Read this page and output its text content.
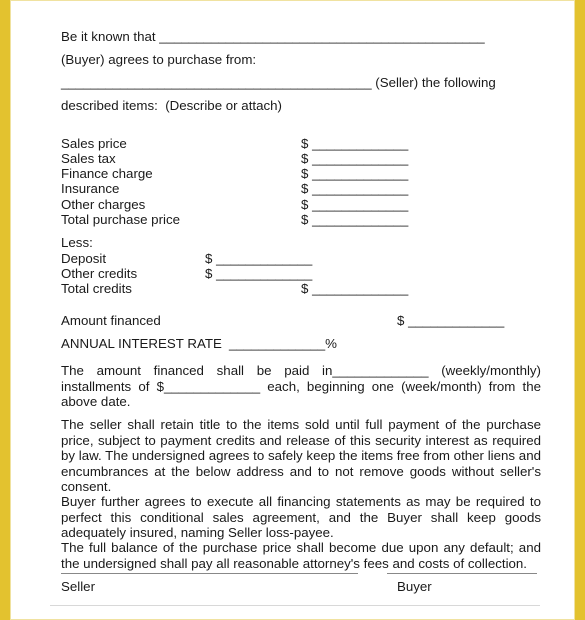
Be it known that ____________________________________________
(Buyer) agrees to purchase from:
__________________________________________ (Seller) the following
described items:  (Describe or attach)
Sales price	$ _____________
Sales tax	$ _____________
Finance charge	$ _____________
Insurance	$ _____________
Other charges	$ _____________
Total purchase price	$ _____________
Less:
Deposit	$ _____________
Other credits	$ _____________
Total credits	$ _____________
Amount financed	$ _____________
ANNUAL INTEREST RATE _____________%
The amount financed shall be paid in_____________ (weekly/monthly) installments of $_____________ each, beginning one (week/month) from the above date.
The seller shall retain title to the items sold until full payment of the purchase price, subject to payment credits and release of this security interest as required by law. The undersigned agrees to safely keep the items free from other liens and encumbrances at the below address and to not remove goods without seller's consent.
Buyer further agrees to execute all financing statements as may be required to perfect this conditional sales agreement, and the Buyer shall keep goods adequately insured, naming Seller loss-payee.
The full balance of the purchase price shall become due upon any default; and the undersigned shall pay all reasonable attorney's fees and costs of collection.
Seller	Buyer
